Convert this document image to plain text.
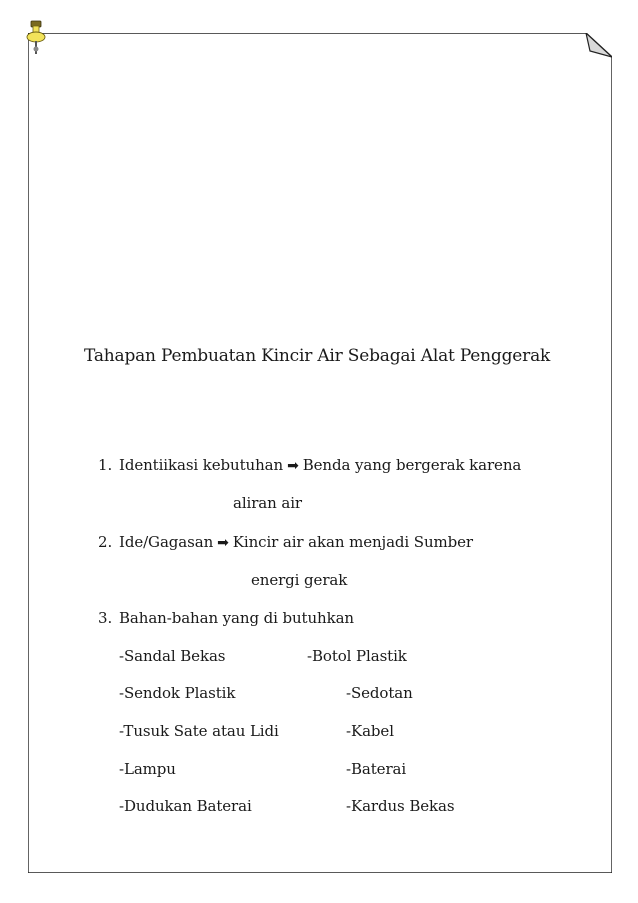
Tahapan Pembuatan Kincir Air Sebagai Alat Penggerak
1. Identiikasi kebutuhan ➡ Benda yang bergerak karena
aliran air
2. Ide/Gagasan ➡ Kincir air akan menjadi Sumber
energi gerak
3. Bahan-bahan yang di butuhkan
-Sandal Bekas
-Sendok Plastik
-Tusuk Sate atau Lidi
-Lampu
-Dudukan Baterai
-Botol Plastik
-Sedotan
-Kabel
-Baterai
-Kardus Bekas
